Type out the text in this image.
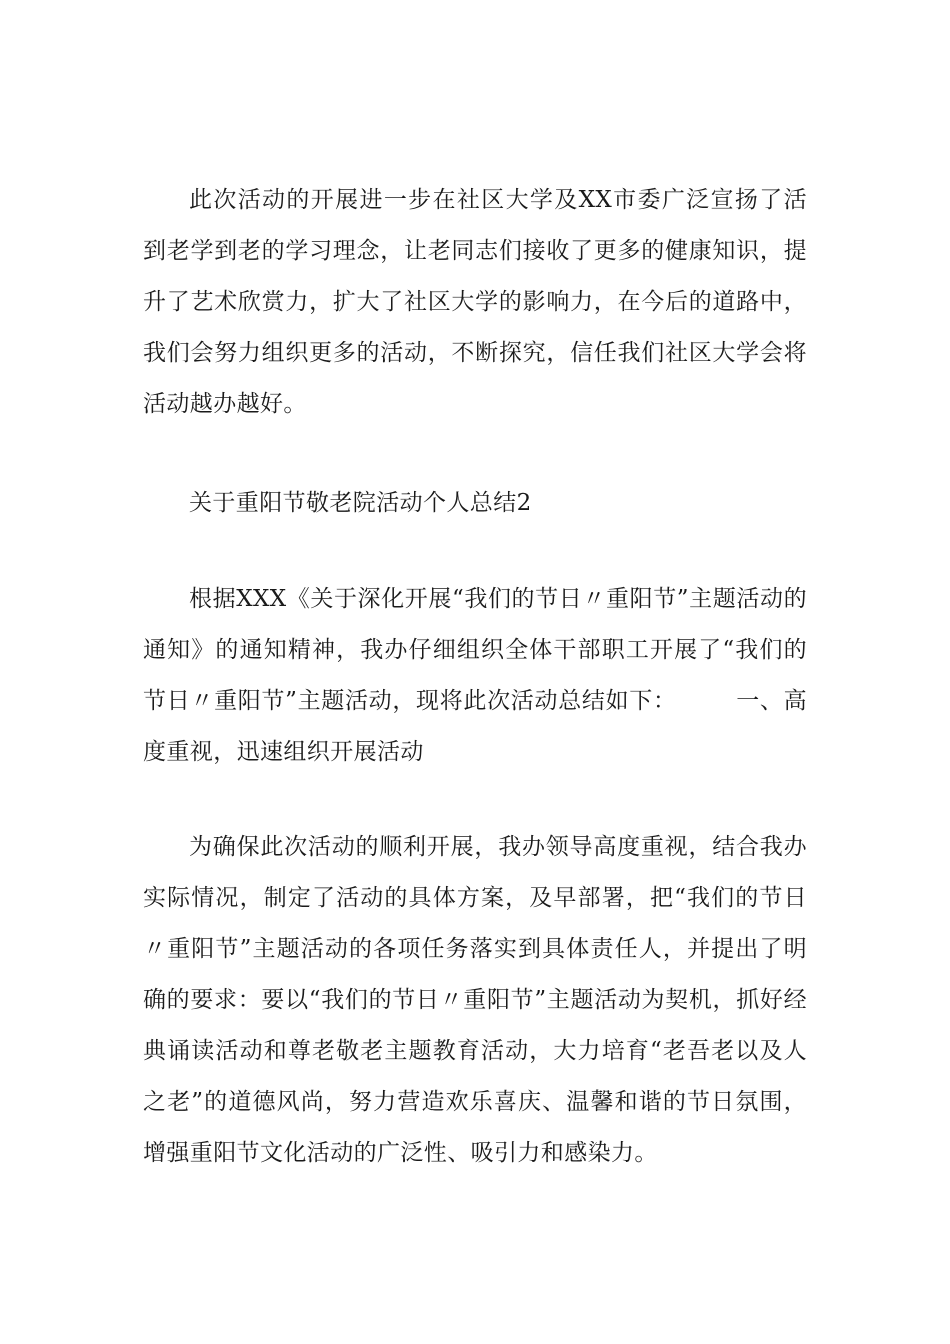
此次活动的开展进一步在社区大学及XX市委广泛宣扬了活到老学到老的学习理念，让老同志们接收了更多的健康知识，提升了艺术欣赏力，扩大了社区大学的影响力，在今后的道路中，我们会努力组织更多的活动，不断探究，信任我们社区大学会将活动越办越好。

关于重阳节敬老院活动个人总结2

根据XXX《关于深化开展“我们的节日〃重阳节”主题活动的通知》的通知精神，我办仔细组织全体干部职工开展了“我们的节日〃重阳节”主题活动，现将此次活动总结如下：　　　一、高度重视，迅速组织开展活动

为确保此次活动的顺利开展，我办领导高度重视，结合我办实际情况，制定了活动的具体方案，及早部署，把“我们的节日〃重阳节”主题活动的各项任务落实到具体责任人，并提出了明确的要求：要以“我们的节日〃重阳节”主题活动为契机，抓好经典诵读活动和尊老敬老主题教育活动，大力培育“老吾老以及人之老”的道德风尚，努力营造欢乐喜庆、温馨和谐的节日氛围，增强重阳节文化活动的广泛性、吸引力和感染力。
